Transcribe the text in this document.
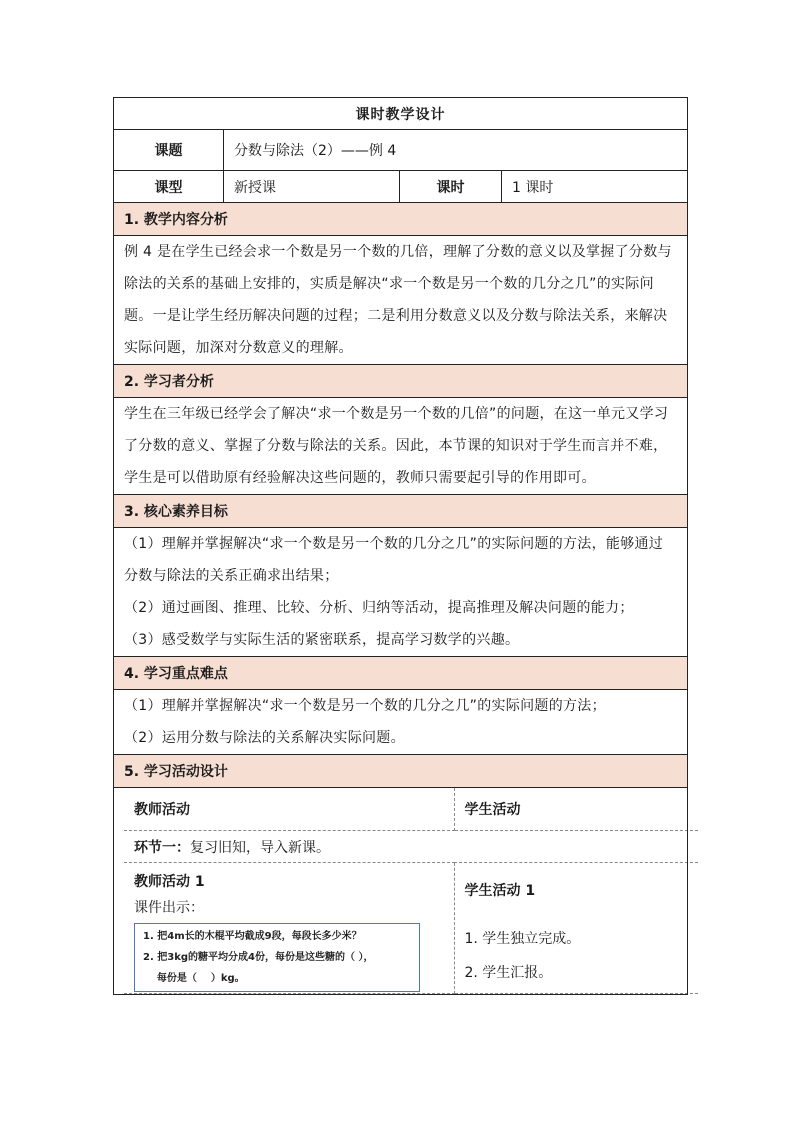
课时教学设计
课题	分数与除法（2）——例 4
课型	新授课	课时	1 课时
1. 教学内容分析

例 4 是在学生已经会求一个数是另一个数的几倍，理解了分数的意义以及掌握了分数与除法的关系的基础上安排的，实质是解决“求一个数是另一个数的几分之几”的实际问题。一是让学生经历解决问题的过程；二是利用分数意义以及分数与除法关系，来解决实际问题，加深对分数意义的理解。

2. 学习者分析

学生在三年级已经学会了解决“求一个数是另一个数的几倍”的问题，在这一单元又学习了分数的意义、掌握了分数与除法的关系。因此，本节课的知识对于学生而言并不难，学生是可以借助原有经验解决这些问题的，教师只需要起引导的作用即可。

3. 核心素养目标

（1）理解并掌握解决“求一个数是另一个数的几分之几”的实际问题的方法，能够通过分数与除法的关系正确求出结果；

（2）通过画图、推理、比较、分析、归纳等活动，提高推理及解决问题的能力；

（3）感受数学与实际生活的紧密联系，提高学习数学的兴趣。

4. 学习重点难点

（1）理解并掌握解决“求一个数是另一个数的几分之几”的实际问题的方法；

（2）运用分数与除法的关系解决实际问题。

5. 学习活动设计

教师活动	学生活动
环节一：复习旧知，导入新课。

教师活动 1
课件出示：
1. 把4m长的木棍平均截成9段，每段长多少米？
2. 把3kg的糖平均分成4份，每份是这些糖的（ ），
每份是（    ）kg。

学生活动 1
1. 学生独立完成。
2. 学生汇报。
